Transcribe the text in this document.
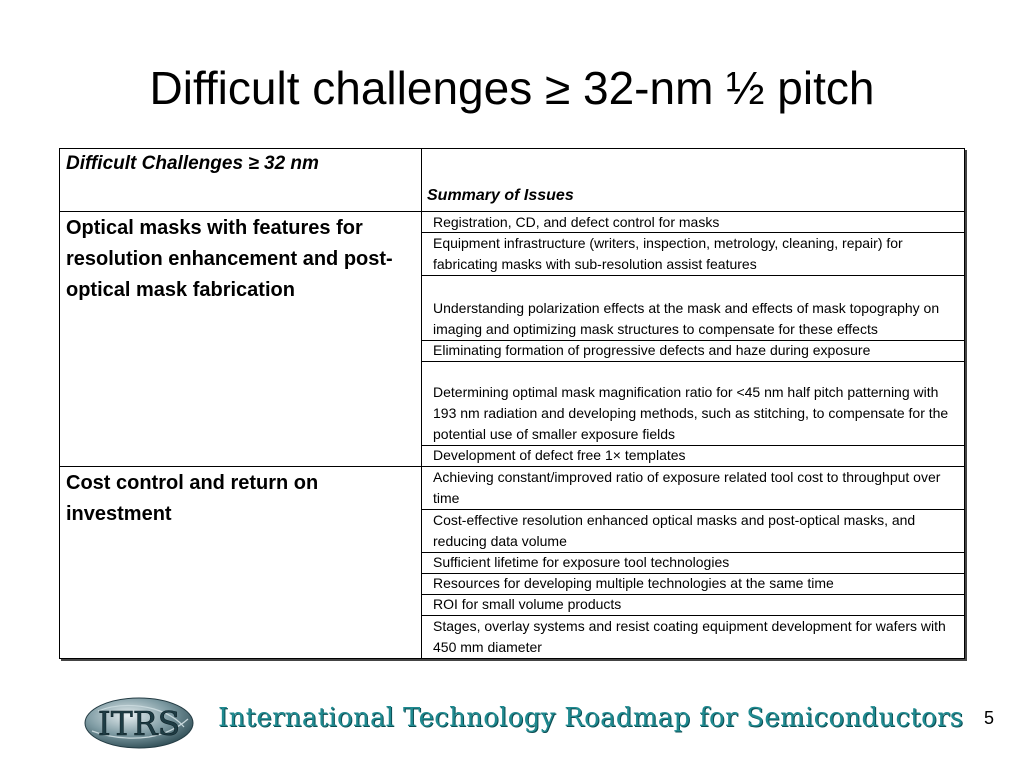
Difficult challenges ≥ 32-nm ½ pitch
Difficult Challenges ≥ 32 nm
Summary of Issues
Optical masks with features for resolution enhancement and post-optical mask fabrication
Registration, CD, and defect control for masks
Equipment infrastructure (writers, inspection, metrology, cleaning, repair) for fabricating masks with sub-resolution assist features
Understanding polarization effects at the mask and effects of mask topography on imaging and optimizing mask structures to compensate for these effects
Eliminating formation of progressive defects and haze during exposure
Determining optimal mask magnification ratio for <45 nm half pitch patterning with 193 nm radiation and developing methods, such as stitching, to compensate for the potential use of smaller exposure fields
Development of defect free 1× templates
Cost control and return on investment
Achieving constant/improved ratio of exposure related tool cost to throughput over time
Cost-effective resolution enhanced optical masks and post-optical masks, and reducing data volume
Sufficient lifetime for exposure tool technologies
Resources for developing multiple technologies at the same time
ROI for small volume products
Stages, overlay systems and resist coating equipment development for wafers with 450 mm diameter
ITRS International Technology Roadmap for Semiconductors 5
